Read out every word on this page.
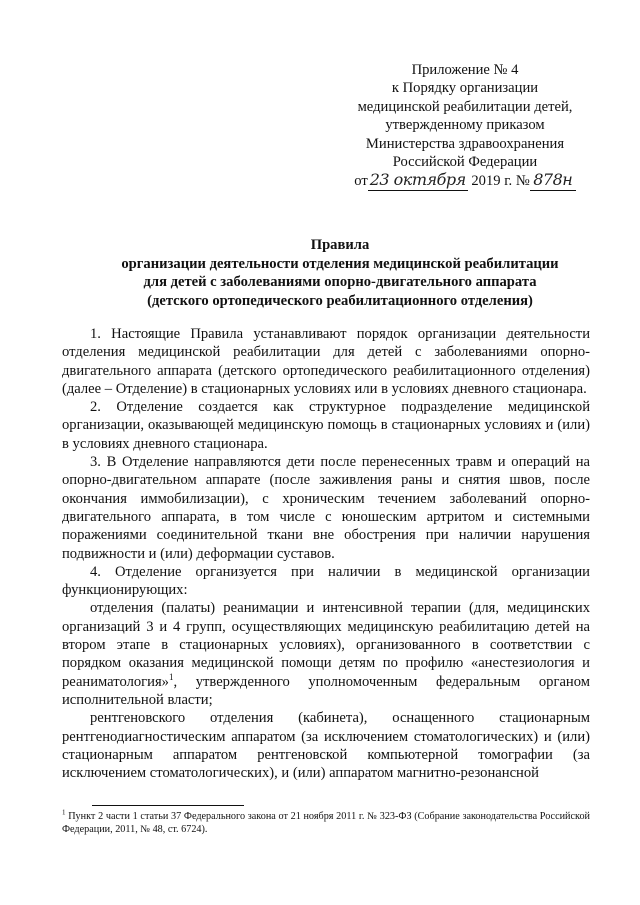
Приложение № 4
к Порядку организации
медицинской реабилитации детей,
утвержденному приказом
Министерства здравоохранения
Российской Федерации
от 23 октября 2019 г. № 878н
Правила
организации деятельности отделения медицинской реабилитации
для детей с заболеваниями опорно-двигательного аппарата
(детского ортопедического реабилитационного отделения)

1. Настоящие Правила устанавливают порядок организации деятельности отделения медицинской реабилитации для детей с заболеваниями опорно-двигательного аппарата (детского ортопедического реабилитационного отделения) (далее – Отделение) в стационарных условиях или в условиях дневного стационара.

2. Отделение создается как структурное подразделение медицинской организации, оказывающей медицинскую помощь в стационарных условиях и (или) в условиях дневного стационара.

3. В Отделение направляются дети после перенесенных травм и операций на опорно-двигательном аппарате (после заживления раны и снятия швов, после окончания иммобилизации), с хроническим течением заболеваний опорно-двигательного аппарата, в том числе с юношеским артритом и системными поражениями соединительной ткани вне обострения при наличии нарушения подвижности и (или) деформации суставов.

4. Отделение организуется при наличии в медицинской организации функционирующих:

отделения (палаты) реанимации и интенсивной терапии (для, медицинских организаций 3 и 4 групп, осуществляющих медицинскую реабилитацию детей на втором этапе в стационарных условиях), организованного в соответствии с порядком оказания медицинской помощи детям по профилю «анестезиология и реаниматология»$^1$, утвержденного уполномоченным федеральным органом исполнительной власти;

рентгеновского отделения (кабинета), оснащенного стационарным рентгенодиагностическим аппаратом (за исключением стоматологических) и (или) стационарным аппаратом рентгеновской компьютерной томографии (за исключением стоматологических), и (или) аппаратом магнитно-резонансной

$^1$ Пункт 2 части 1 статьи 37 Федерального закона от 21 ноября 2011 г. № 323-ФЗ (Собрание законодательства Российской Федерации, 2011, № 48, ст. 6724).
